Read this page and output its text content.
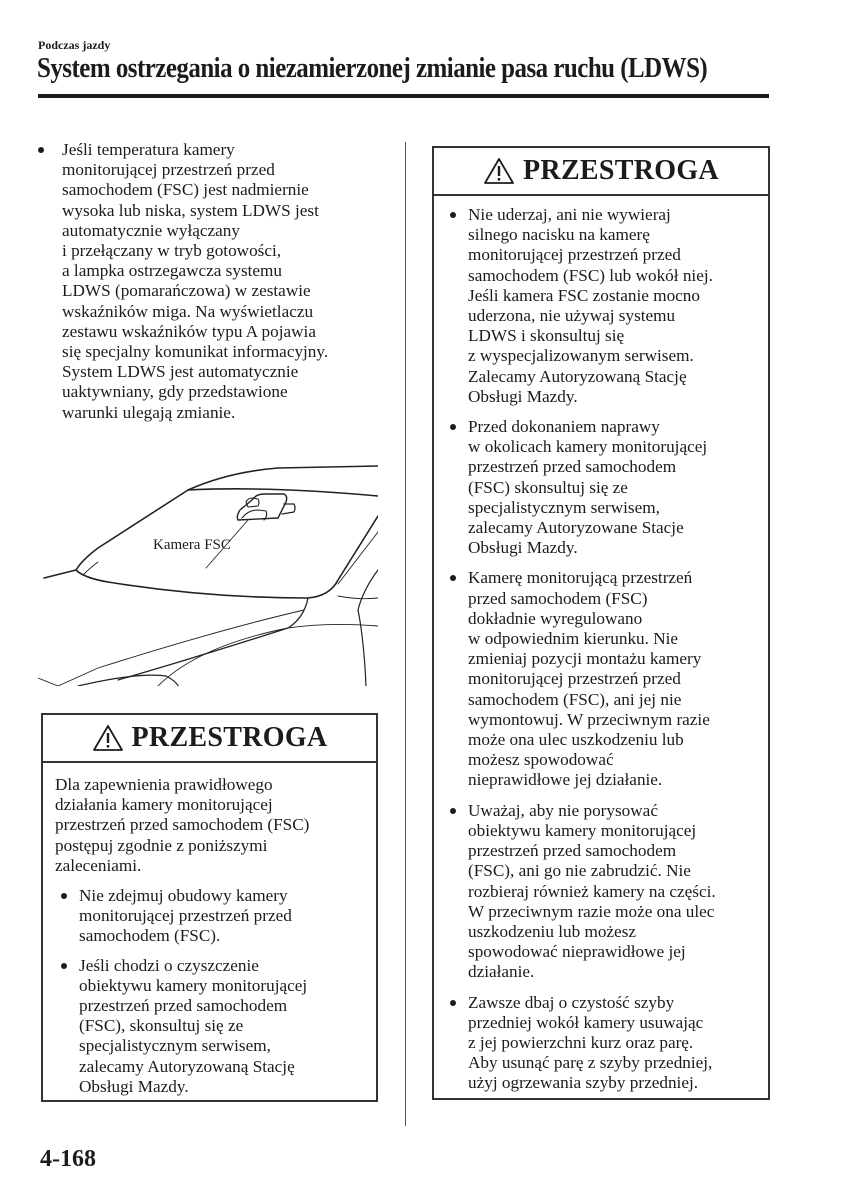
Podczas jazdy
System ostrzegania o niezamierzonej zmianie pasa ruchu (LDWS)
Jeśli temperatura kamery
monitorującej przestrzeń przed
samochodem (FSC) jest nadmiernie
wysoka lub niska, system LDWS jest
automatycznie wyłączany
i przełączany w tryb gotowości,
a lampka ostrzegawcza systemu
LDWS (pomarańczowa) w zestawie
wskaźników miga. Na wyświetlaczu
zestawu wskaźników typu A pojawia
się specjalny komunikat informacyjny.
System LDWS jest automatycznie
uaktywniany, gdy przedstawione
warunki ulegają zmianie.
Kamera FSC
PRZESTROGA
Dla zapewnienia prawidłowego
działania kamery monitorującej
przestrzeń przed samochodem (FSC)
postępuj zgodnie z poniższymi
zaleceniami.
Nie zdejmuj obudowy kamery
monitorującej przestrzeń przed
samochodem (FSC).
Jeśli chodzi o czyszczenie
obiektywu kamery monitorującej
przestrzeń przed samochodem
(FSC), skonsultuj się ze
specjalistycznym serwisem,
zalecamy Autoryzowaną Stację
Obsługi Mazdy.
PRZESTROGA
Nie uderzaj, ani nie wywieraj
silnego nacisku na kamerę
monitorującej przestrzeń przed
samochodem (FSC) lub wokół niej.
Jeśli kamera FSC zostanie mocno
uderzona, nie używaj systemu
LDWS i skonsultuj się
z wyspecjalizowanym serwisem.
Zalecamy Autoryzowaną Stację
Obsługi Mazdy.
Przed dokonaniem naprawy
w okolicach kamery monitorującej
przestrzeń przed samochodem
(FSC) skonsultuj się ze
specjalistycznym serwisem,
zalecamy Autoryzowane Stacje
Obsługi Mazdy.
Kamerę monitorującą przestrzeń
przed samochodem (FSC)
dokładnie wyregulowano
w odpowiednim kierunku. Nie
zmieniaj pozycji montażu kamery
monitorującej przestrzeń przed
samochodem (FSC), ani jej nie
wymontowuj. W przeciwnym razie
może ona ulec uszkodzeniu lub
możesz spowodować
nieprawidłowe jej działanie.
Uważaj, aby nie porysować
obiektywu kamery monitorującej
przestrzeń przed samochodem
(FSC), ani go nie zabrudzić. Nie
rozbieraj również kamery na części.
W przeciwnym razie może ona ulec
uszkodzeniu lub możesz
spowodować nieprawidłowe jej
działanie.
Zawsze dbaj o czystość szyby
przedniej wokół kamery usuwając
z jej powierzchni kurz oraz parę.
Aby usunąć parę z szyby przedniej,
użyj ogrzewania szyby przedniej.
4-168
